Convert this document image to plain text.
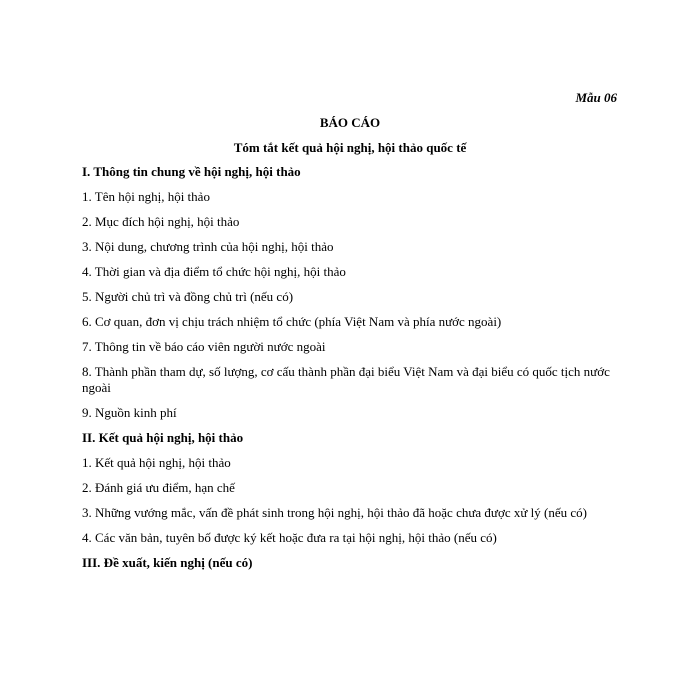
Mẫu 06
BÁO CÁO
Tóm tắt kết quả hội nghị, hội thảo quốc tế
I. Thông tin chung về hội nghị, hội thảo
1. Tên hội nghị, hội thảo
2. Mục đích hội nghị, hội thảo
3. Nội dung, chương trình của hội nghị, hội thảo
4. Thời gian và địa điểm tổ chức hội nghị, hội thảo
5. Người chủ trì và đồng chủ trì (nếu có)
6. Cơ quan, đơn vị chịu trách nhiệm tổ chức (phía Việt Nam và phía nước ngoài)
7. Thông tin về báo cáo viên người nước ngoài
8. Thành phần tham dự, số lượng, cơ cấu thành phần đại biểu Việt Nam và đại biểu có quốc tịch nước ngoài
9. Nguồn kinh phí
II. Kết quả hội nghị, hội thảo
1. Kết quả hội nghị, hội thảo
2. Đánh giá ưu điểm, hạn chế
3. Những vướng mắc, vấn đề phát sinh trong hội nghị, hội thảo đã hoặc chưa được xử lý (nếu có)
4. Các văn bản, tuyên bố được ký kết hoặc đưa ra tại hội nghị, hội thảo (nếu có)
III. Đề xuất, kiến nghị (nếu có)
